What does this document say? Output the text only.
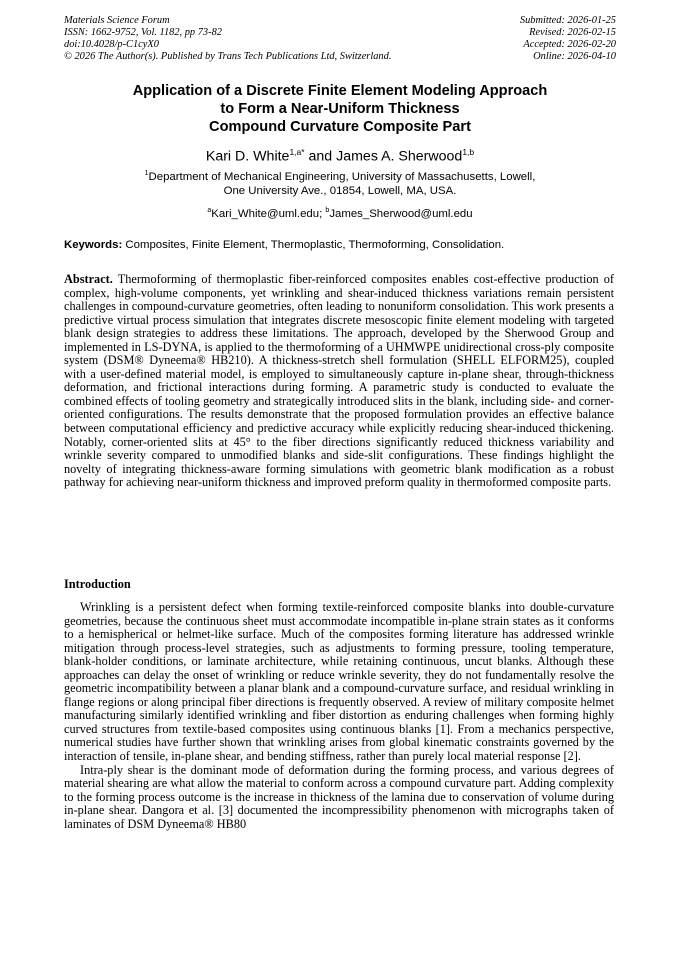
Materials Science Forum
ISSN: 1662-9752, Vol. 1182, pp 73-82
doi:10.4028/p-C1cyX0
© 2026 The Author(s). Published by Trans Tech Publications Ltd, Switzerland.
Submitted: 2026-01-25
Revised: 2026-02-15
Accepted: 2026-02-20
Online: 2026-04-10
Application of a Discrete Finite Element Modeling Approach
to Form a Near-Uniform Thickness
Compound Curvature Composite Part
Kari D. White$^{1,a*}$ and James A. Sherwood$^{1,b}$
$^1$Department of Mechanical Engineering, University of Massachusetts, Lowell,
One University Ave., 01854, Lowell, MA, USA.
$^a$Kari_White@uml.edu; $^b$James_Sherwood@uml.edu
Keywords: Composites, Finite Element, Thermoplastic, Thermoforming, Consolidation.
Abstract. Thermoforming of thermoplastic fiber-reinforced composites enables cost-effective production of complex, high-volume components, yet wrinkling and shear-induced thickness variations remain persistent challenges in compound-curvature geometries, often leading to nonuniform consolidation. This work presents a predictive virtual process simulation that integrates discrete mesoscopic finite element modeling with targeted blank design strategies to address these limitations. The approach, developed by the Sherwood Group and implemented in LS-DYNA, is applied to the thermoforming of a UHMWPE unidirectional cross-ply composite system (DSM® Dyneema® HB210). A thickness-stretch shell formulation (SHELL ELFORM25), coupled with a user-defined material model, is employed to simultaneously capture in-plane shear, through-thickness deformation, and frictional interactions during forming. A parametric study is conducted to evaluate the combined effects of tooling geometry and strategically introduced slits in the blank, including side- and corner-oriented configurations. The results demonstrate that the proposed formulation provides an effective balance between computational efficiency and predictive accuracy while explicitly reducing shear-induced thickening. Notably, corner-oriented slits at 45° to the fiber directions significantly reduced thickness variability and wrinkle severity compared to unmodified blanks and side-slit configurations. These findings highlight the novelty of integrating thickness-aware forming simulations with geometric blank modification as a robust pathway for achieving near-uniform thickness and improved preform quality in thermoformed composite parts.
Introduction

Wrinkling is a persistent defect when forming textile-reinforced composite blanks into double-curvature geometries, because the continuous sheet must accommodate incompatible in-plane strain states as it conforms to a hemispherical or helmet-like surface. Much of the composites forming literature has addressed wrinkle mitigation through process-level strategies, such as adjustments to forming pressure, tooling temperature, blank-holder conditions, or laminate architecture, while retaining continuous, uncut blanks. Although these approaches can delay the onset of wrinkling or reduce wrinkle severity, they do not fundamentally resolve the geometric incompatibility between a planar blank and a compound-curvature surface, and residual wrinkling in flange regions or along principal fiber directions is frequently observed. A review of military composite helmet manufacturing similarly identified wrinkling and fiber distortion as enduring challenges when forming highly curved structures from textile-based composites using continuous blanks [1]. From a mechanics perspective, numerical studies have further shown that wrinkling arises from global kinematic constraints governed by the interaction of tensile, in-plane shear, and bending stiffness, rather than purely local material response [2].

Intra-ply shear is the dominant mode of deformation during the forming process, and various degrees of material shearing are what allow the material to conform across a compound curvature part. Adding complexity to the forming process outcome is the increase in thickness of the lamina due to conservation of volume during in-plane shear. Dangora et al. [3] documented the incompressibility phenomenon with micrographs taken of laminates of DSM Dyneema® HB80
